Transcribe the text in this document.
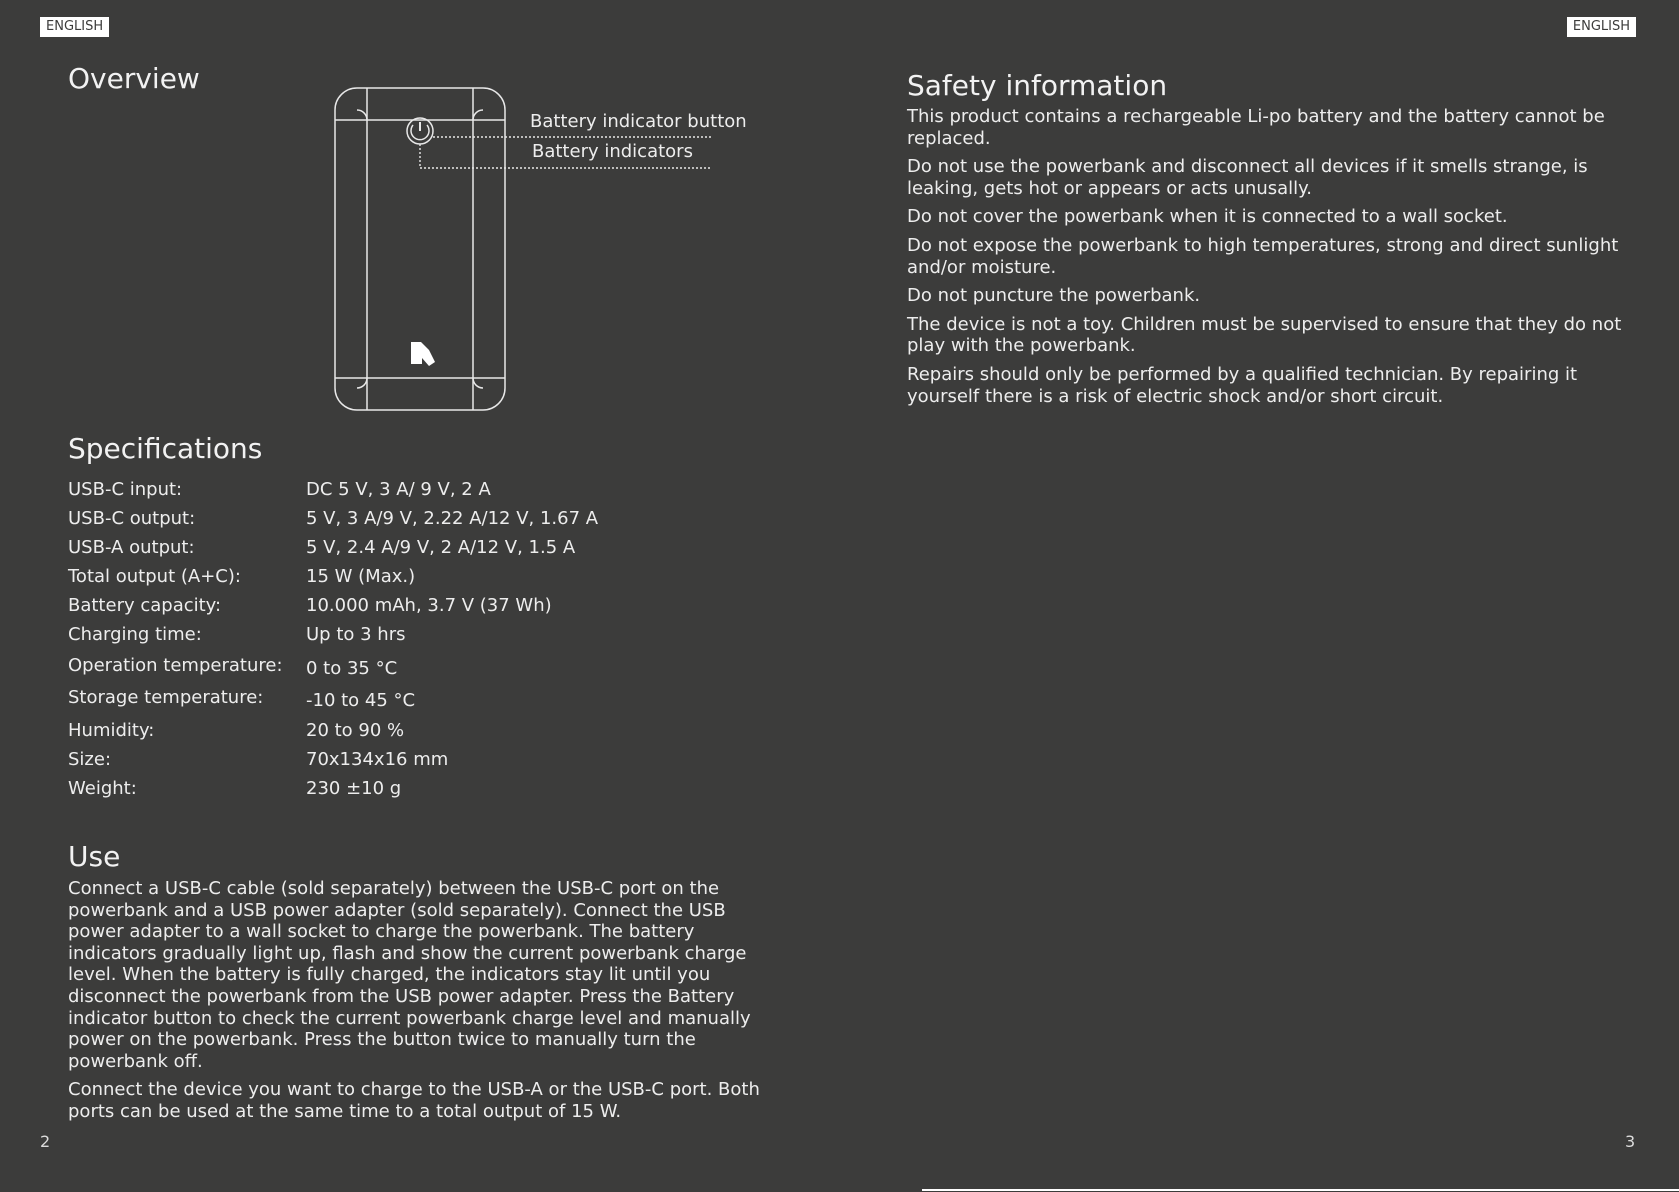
ENGLISH	ENGLISH
Overview
Battery indicator button
Battery indicators
Specifications
USB-C input:	DC 5 V, 3 A/ 9 V, 2 A
USB-C output:	5 V, 3 A/9 V, 2.22 A/12 V, 1.67 A
USB-A output:	5 V, 2.4 A/9 V, 2 A/12 V, 1.5 A
Total output (A+C):	15 W (Max.)
Battery capacity:	10.000 mAh, 3.7 V (37 Wh)
Charging time:	Up to 3 hrs
Operation temperature:	0 to 35 °C
Storage temperature:	-10 to 45 °C
Humidity:	20 to 90 %
Size:	70x134x16 mm
Weight:	230 ±10 g
Use

Connect a USB-C cable (sold separately) between the USB-C port on the powerbank and a USB power adapter (sold separately). Connect the USB power adapter to a wall socket to charge the powerbank. The battery indicators gradually light up, flash and show the current powerbank charge level. When the battery is fully charged, the indicators stay lit until you disconnect the powerbank from the USB power adapter. Press the Battery indicator button to check the current powerbank charge level and manually power on the powerbank. Press the button twice to manually turn the powerbank off.

Connect the device you want to charge to the USB-A or the USB-C port. Both ports can be used at the same time to a total output of 15 W.

Safety information

This product contains a rechargeable Li-po battery and the battery cannot be replaced.

Do not use the powerbank and disconnect all devices if it smells strange, is leaking, gets hot or appears or acts unusally.

Do not cover the powerbank when it is connected to a wall socket.

Do not expose the powerbank to high temperatures, strong and direct sunlight and/or moisture.

Do not puncture the powerbank.

The device is not a toy. Children must be supervised to ensure that they do not play with the powerbank.

Repairs should only be performed by a qualified technician. By repairing it yourself there is a risk of electric shock and/or short circuit.

2	3
